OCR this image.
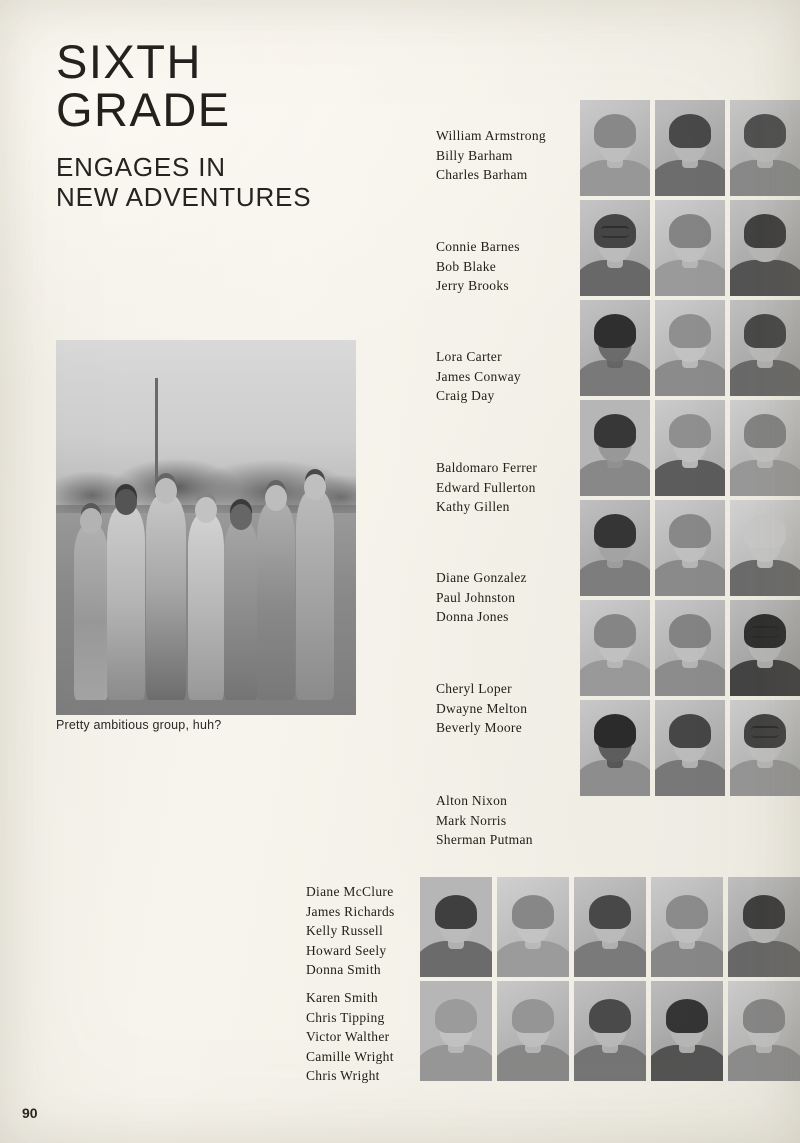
SIXTH
GRADE
ENGAGES IN
NEW ADVENTURES
Pretty ambitious group, huh?
William Armstrong
Billy Barham
Charles Barham
Connie Barnes
Bob Blake
Jerry Brooks
Lora Carter
James Conway
Craig Day
Baldomaro Ferrer
Edward Fullerton
Kathy Gillen
Diane Gonzalez
Paul Johnston
Donna Jones
Cheryl Loper
Dwayne Melton
Beverly Moore
Alton Nixon
Mark Norris
Sherman Putman
Diane McClure
James Richards
Kelly Russell
Howard Seely
Donna Smith
Karen Smith
Chris Tipping
Victor Walther
Camille Wright
Chris Wright
90
